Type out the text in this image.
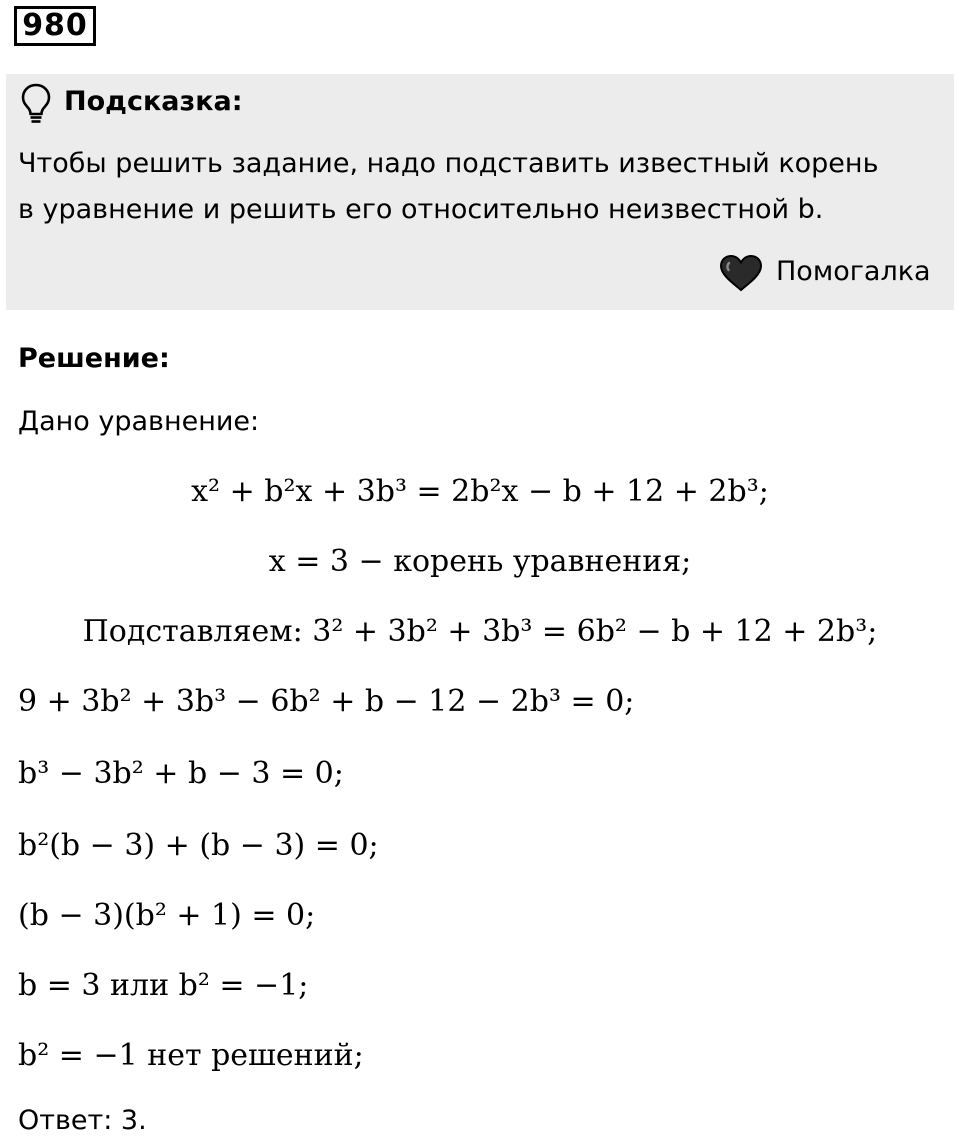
980
Подсказка:
Чтобы решить задание, надо подставить известный корень
в уравнение и решить его относительно неизвестной b.
Помогалка
Решение:
Дано уравнение:
x² + b²x + 3b³ = 2b²x − b + 12 + 2b³;
x = 3 − корень уравнения;
Подставляем: 3² + 3b² + 3b³ = 6b² − b + 12 + 2b³;
9 + 3b² + 3b³ − 6b² + b − 12 − 2b³ = 0;
b³ − 3b² + b − 3 = 0;
b²(b − 3) + (b − 3) = 0;
(b − 3)(b² + 1) = 0;
b = 3 или b² = −1;
b² = −1 нет решений;
Ответ: 3.
